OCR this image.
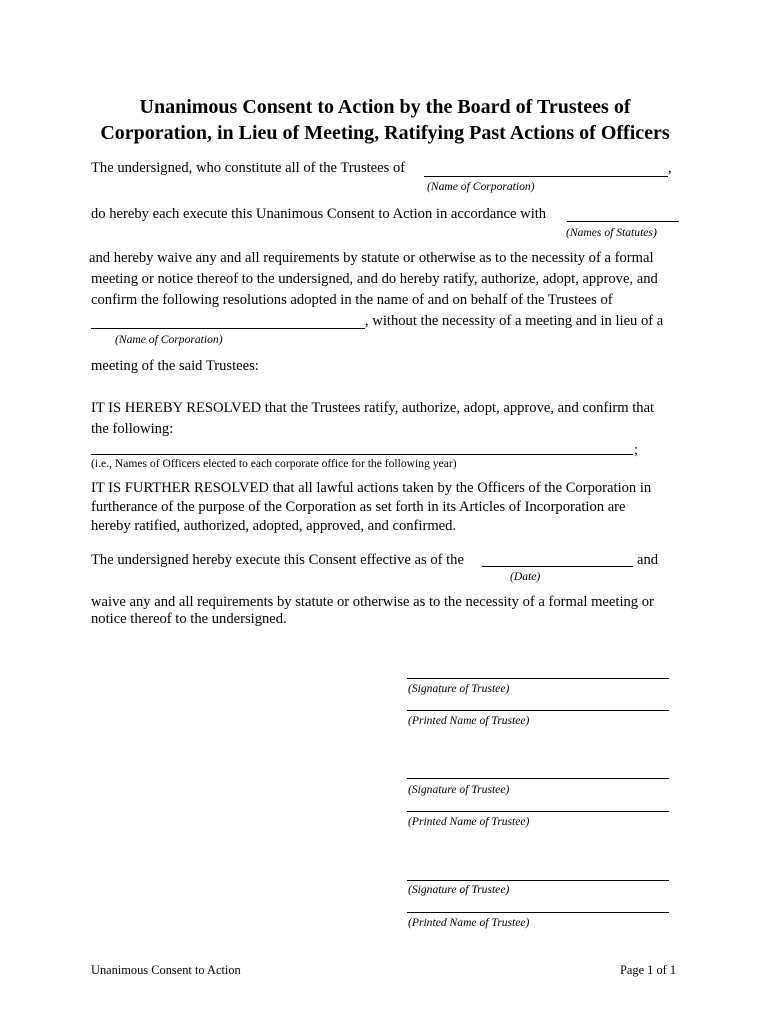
Unanimous Consent to Action by the Board of Trustees of
Corporation, in Lieu of Meeting, Ratifying Past Actions of Officers
The undersigned, who constitute all of the Trustees of	,
(Name of Corporation)
do hereby each execute this Unanimous Consent to Action in accordance with
(Names of Statutes)
and hereby waive any and all requirements by statute or otherwise as to the necessity of a formal
meeting or notice thereof to the undersigned, and do hereby ratify, authorize, adopt, approve, and
confirm the following resolutions adopted in the name of and on behalf of the Trustees of
, without the necessity of a meeting and in lieu of a
(Name of Corporation)
meeting of the said Trustees:
IT IS HEREBY RESOLVED that the Trustees ratify, authorize, adopt, approve, and confirm that
the following:
;
(i.e., Names of Officers elected to each corporate office for the following year)
IT IS FURTHER RESOLVED that all lawful actions taken by the Officers of the Corporation in
furtherance of the purpose of the Corporation as set forth in its Articles of Incorporation are
hereby ratified, authorized, adopted, approved, and confirmed.
The undersigned hereby execute this Consent effective as of the	and
(Date)
waive any and all requirements by statute or otherwise as to the necessity of a formal meeting or
notice thereof to the undersigned.
(Signature of Trustee)
(Printed Name of Trustee)
(Signature of Trustee)
(Printed Name of Trustee)
(Signature of Trustee)
(Printed Name of Trustee)
Unanimous Consent to Action	Page 1 of 1
